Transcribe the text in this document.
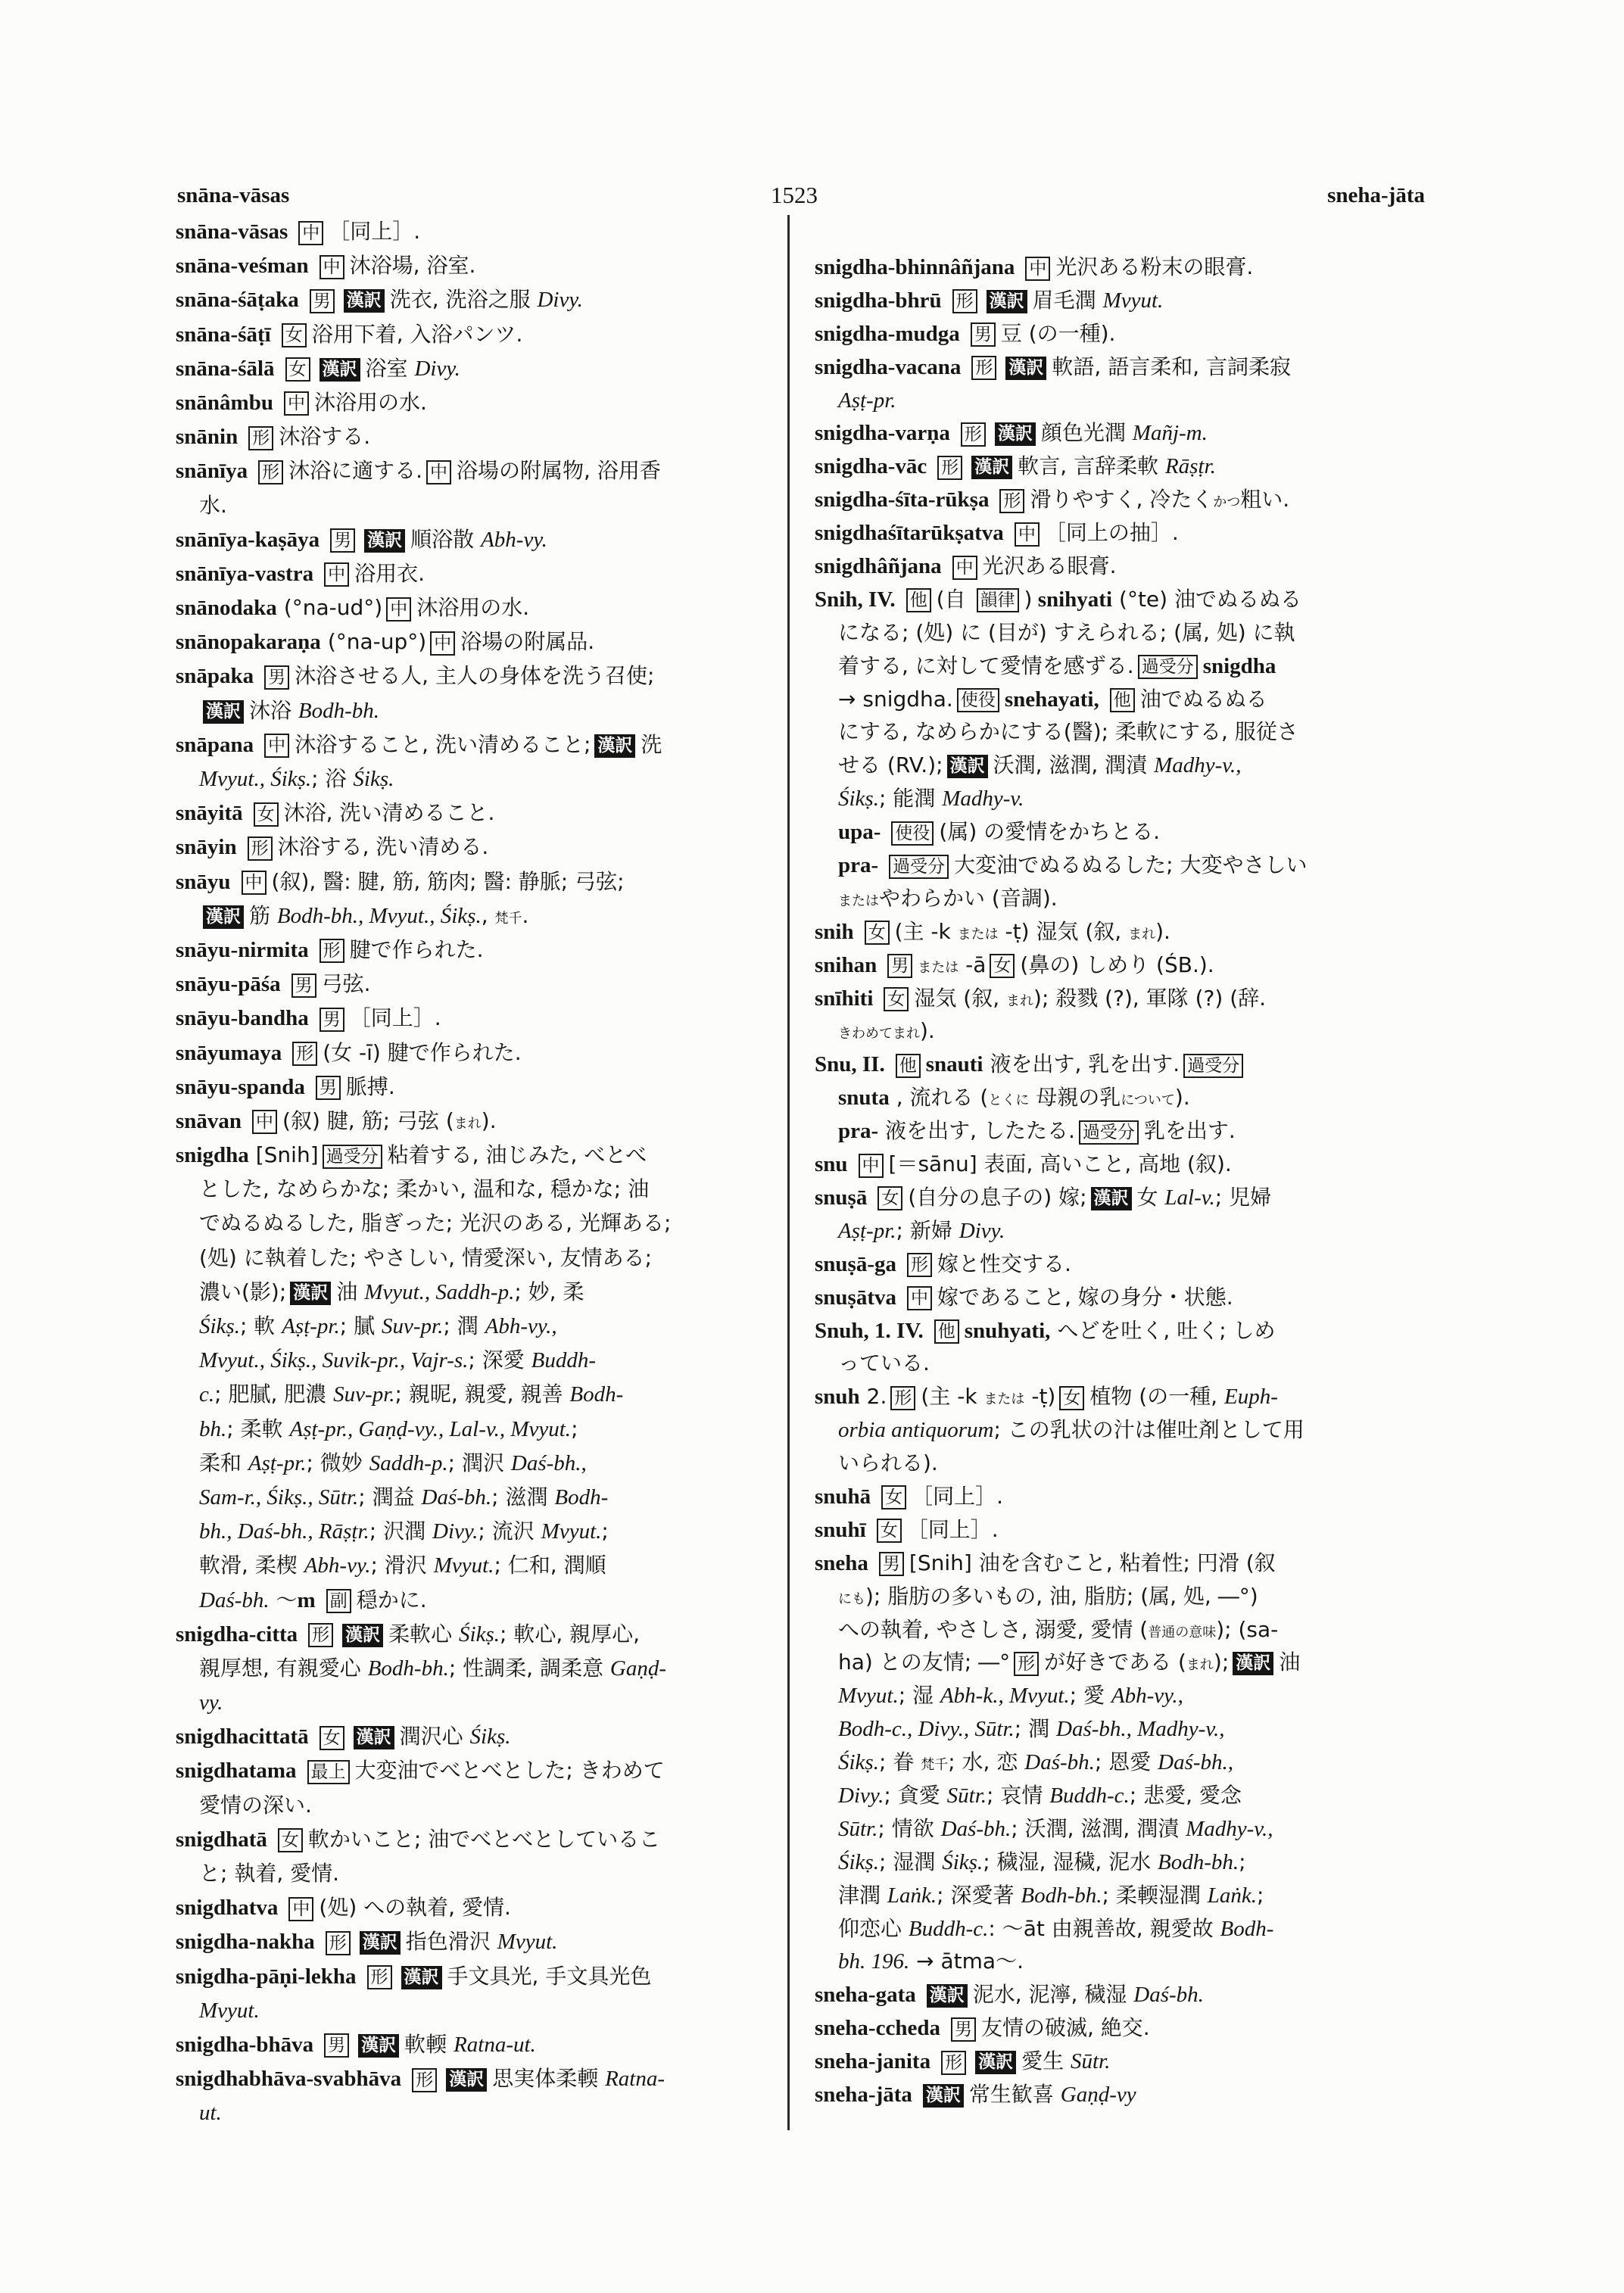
snāna-vāsas	1523	sneha-jāta
snāna-vāsas 中 ［同上］.
snāna-veśman 中 沐浴場, 浴室.
snāna-śāṭaka 男 漢訳 洗衣, 洗浴之服 Divy.
snāna-śāṭī 女 浴用下着, 入浴パンツ.
snāna-śālā 女 漢訳 浴室 Divy.
snānâmbu 中 沐浴用の水.
snānin 形 沐浴する.
snānīya 形 沐浴に適する. 中 浴場の附属物, 浴用香
水.
snānīya-kaṣāya 男 漢訳 順浴散 Abh-vy.
snānīya-vastra 中 浴用衣.
snānodaka (°na-ud°) 中 沐浴用の水.
snānopakaraṇa (°na-up°) 中 浴場の附属品.
snāpaka 男 沐浴させる人, 主人の身体を洗う召使;
漢訳 沐浴 Bodh-bh.
snāpana 中 沐浴すること, 洗い清めること; 漢訳 洗
Mvyut., Śikṣ.; 浴 Śikṣ.
snāyitā 女 沐浴, 洗い清めること.
snāyin 形 沐浴する, 洗い清める.
snāyu 中 (叙), 醫: 腱, 筋, 筋肉; 醫: 静脈; 弓弦;
漢訳 筋 Bodh-bh., Mvyut., Śikṣ., 梵千.
snāyu-nirmita 形 腱で作られた.
snāyu-pāśa 男 弓弦.
snāyu-bandha 男 ［同上］.
snāyumaya 形 (女 -ī) 腱で作られた.
snāyu-spanda 男 脈搏.
snāvan 中 (叙) 腱, 筋; 弓弦 (まれ).
snigdha [Snih] 過受分 粘着する, 油じみた, べとべ
とした, なめらかな; 柔かい, 温和な, 穏かな; 油
でぬるぬるした, 脂ぎった; 光沢のある, 光輝ある;
(処) に執着した; やさしい, 情愛深い, 友情ある;
濃い(影); 漢訳 油 Mvyut., Saddh-p.; 妙, 柔
Śikṣ.; 軟 Aṣṭ-pr.; 膩 Suv-pr.; 潤 Abh-vy.,
Mvyut., Śikṣ., Suvik-pr., Vajr-s.; 深愛 Buddh-
c.; 肥膩, 肥濃 Suv-pr.; 親昵, 親愛, 親善 Bodh-
bh.; 柔軟 Aṣṭ-pr., Gaṇḍ-vy., Lal-v., Mvyut.;
柔和 Aṣṭ-pr.; 微妙 Saddh-p.; 潤沢 Daś-bh.,
Sam-r., Śikṣ., Sūtr.; 潤益 Daś-bh.; 滋潤 Bodh-
bh., Daś-bh., Rāṣṭr.; 沢潤 Divy.; 流沢 Mvyut.;
軟滑, 柔楔 Abh-vy.; 滑沢 Mvyut.; 仁和, 潤順
Daś-bh. ～m 副 穏かに.
snigdha-citta 形 漢訳 柔軟心 Śikṣ.; 軟心, 親厚心,
親厚想, 有親愛心 Bodh-bh.; 性調柔, 調柔意 Gaṇḍ-
vy.
snigdhacittatā 女 漢訳 潤沢心 Śikṣ.
snigdhatama 最上 大変油でべとべとした; きわめて
愛情の深い.
snigdhatā 女 軟かいこと; 油でべとべとしているこ
と; 執着, 愛情.
snigdhatva 中 (処) への執着, 愛情.
snigdha-nakha 形 漢訳 指色滑沢 Mvyut.
snigdha-pāṇi-lekha 形 漢訳 手文具光, 手文具光色
Mvyut.
snigdha-bhāva 男 漢訳 軟輭 Ratna-ut.
snigdhabhāva-svabhāva 形 漢訳 思実体柔輭 Ratna-
ut.
snigdha-bhinnâñjana 中 光沢ある粉末の眼膏.
snigdha-bhrū 形 漢訳 眉毛潤 Mvyut.
snigdha-mudga 男 豆 (の一種).
snigdha-vacana 形 漢訳 軟語, 語言柔和, 言詞柔寂
Aṣṭ-pr.
snigdha-varṇa 形 漢訳 顔色光潤 Mañj-m.
snigdha-vāc 形 漢訳 軟言, 言辞柔軟 Rāṣṭr.
snigdha-śīta-rūkṣa 形 滑りやすく, 冷たくかつ粗い.
snigdhaśītarūkṣatva 中 ［同上の抽］.
snigdhâñjana 中 光沢ある眼膏.
Snih, IV. 他 (自 韻律 ) snihyati (°te) 油でぬるぬる
になる; (処) に (目が) すえられる; (属, 処) に執
着する, に対して愛情を感ずる. 過受分 snigdha
→ snigdha. 使役 snehayati, 他 油でぬるぬる
にする, なめらかにする(醫); 柔軟にする, 服従さ
せる (RV.); 漢訳 沃潤, 滋潤, 潤漬 Madhy-v.,
Śikṣ.; 能潤 Madhy-v.
upa- 使役 (属) の愛情をかちとる.
pra- 過受分 大変油でぬるぬるした; 大変やさしい
またはやわらかい (音調).
snih 女 (主 -k または -ṭ) 湿気 (叙, まれ).
snihan 男 または -ā 女 (鼻の) しめり (ŚB.).
snīhiti 女 湿気 (叙, まれ); 殺戮 (?), 軍隊 (?) (辞.
きわめてまれ).
Snu, II. 他 snauti 液を出す, 乳を出す. 過受分
snuta , 流れる (とくに 母親の乳について).
pra- 液を出す, したたる. 過受分 乳を出す.
snu 中 [＝sānu] 表面, 高いこと, 高地 (叙).
snuṣā 女 (自分の息子の) 嫁; 漢訳 女 Lal-v.; 児婦
Aṣṭ-pr.; 新婦 Divy.
snuṣā-ga 形 嫁と性交する.
snuṣātva 中 嫁であること, 嫁の身分・状態.
Snuh, 1. IV. 他 snuhyati, へどを吐く, 吐く; しめ
っている.
snuh 2. 形 (主 -k または -ṭ) 女 植物 (の一種, Euph-
orbia antiquorum; この乳状の汁は催吐剤として用
いられる).
snuhā 女 ［同上］.
snuhī 女 ［同上］.
sneha 男 [Snih] 油を含むこと, 粘着性; 円滑 (叙
にも); 脂肪の多いもの, 油, 脂肪; (属, 処, ―°)
への執着, やさしさ, 溺愛, 愛情 (普通の意味); (sa-
ha) との友情; ―° 形 が好きである (まれ); 漢訳 油
Mvyut.; 湿 Abh-k., Mvyut.; 愛 Abh-vy.,
Bodh-c., Divy., Sūtr.; 潤 Daś-bh., Madhy-v.,
Śikṣ.; 眷 梵千; 水, 恋 Daś-bh.; 恩愛 Daś-bh.,
Divy.; 貪愛 Sūtr.; 哀情 Buddh-c.; 悲愛, 愛念
Sūtr.; 情欲 Daś-bh.; 沃潤, 滋潤, 潤漬 Madhy-v.,
Śikṣ.; 湿潤 Śikṣ.; 穢湿, 湿穢, 泥水 Bodh-bh.;
津潤 Laṅk.; 深愛著 Bodh-bh.; 柔輭湿潤 Laṅk.;
仰恋心 Buddh-c.: ～āt 由親善故, 親愛故 Bodh-
bh. 196. → ātma～.
sneha-gata 漢訳 泥水, 泥濘, 穢湿 Daś-bh.
sneha-ccheda 男 友情の破滅, 絶交.
sneha-janita 形 漢訳 愛生 Sūtr.
sneha-jāta 漢訳 常生歓喜 Gaṇḍ-vy
